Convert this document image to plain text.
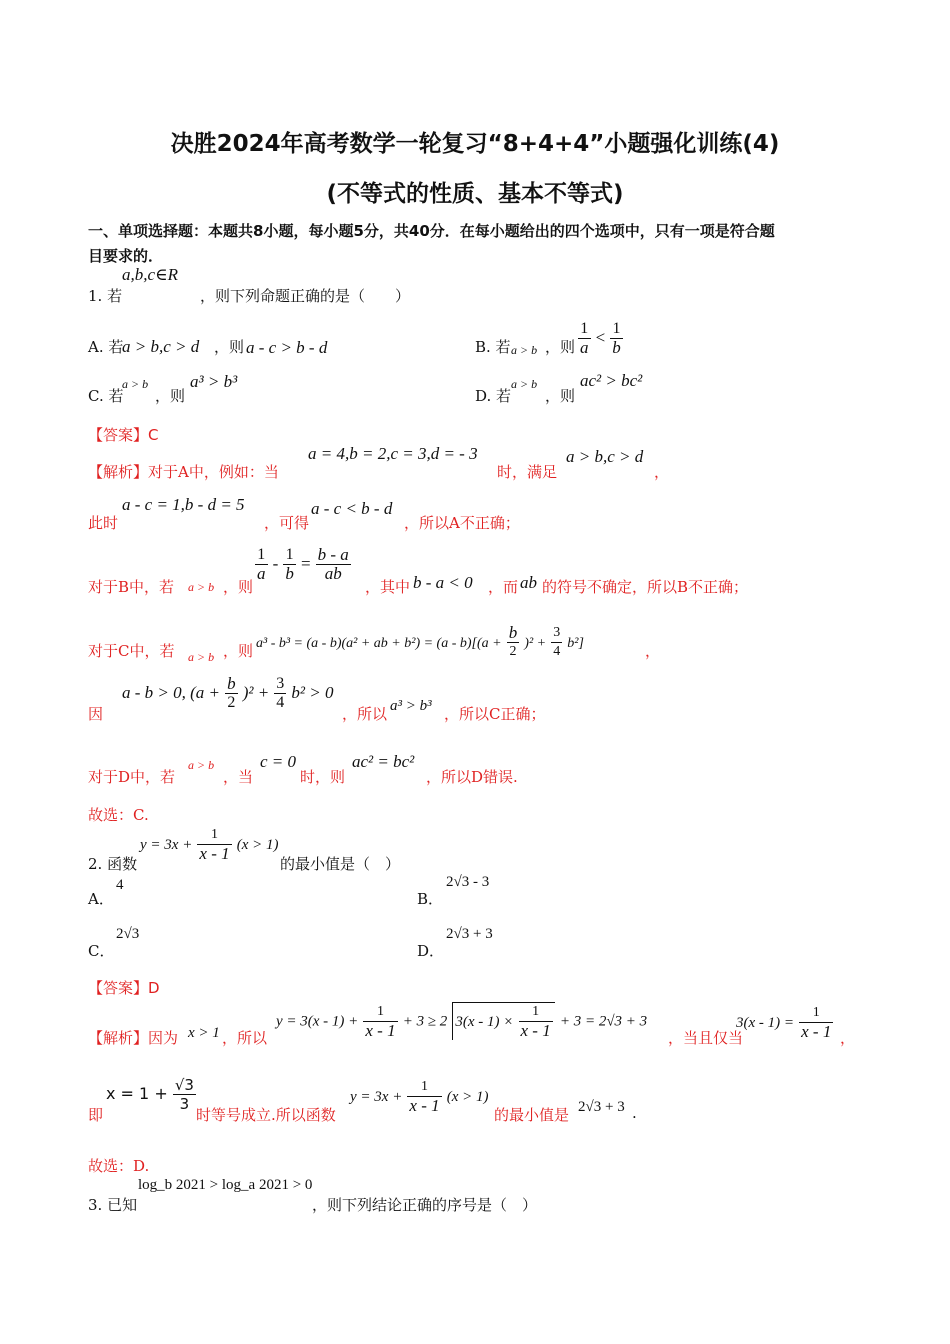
决胜2024年高考数学一轮复习“8+4+4”小题强化训练(4)
(不等式的性质、基本不等式)
一、单项选择题：本题共8小题，每小题5分，共40分．在每小题给出的四个选项中，只有一项是符合题
目要求的．
1. 若
a,b,c∈R
，则下列命题正确的是（　　）
A. 若
a > b,c > d ，则 a - c > b - d	B. 若 a > b ，则 $\frac{1}{a} < \frac{1}{b}$
C. 若
a > b
，则
a³ > b³
D. 若
a > b
，则
ac² > bc²
【答案】C
【解析】对于A中，例如：当
a = 4,b = 2,c = 3,d = - 3
时，满足
a > b,c > d
，
此时
a - c = 1,b - d = 5
，可得
a - c < b - d
，所以A不正确；
对于B中，若 a > b ，则
$\frac{1}{a} - \frac{1}{b} = \frac{b - a}{ab}$
，其中 b - a < 0 ，而 ab 的符号不确定，所以B不正确；
对于C中，若 a > b ，则 a³ - b³ = (a - b)(a² + ab + $b^2) = (a - b)[(a + \frac{b}{2} )^2 + \frac{3}{4} b^2]$	，
因
a - b > 0, $(a + \frac{b}{2} )^2 + \frac{3}{4} b^2 > 0$
，所以 a³ > b³ ，所以C正确；
对于D中，若
a > b
，当
c = 0
时，则
ac² = bc²
，所以D错误.
故选：C.
2. 函数
$y = 3x + \frac{1}{x - 1} (x > 1)$
的最小值是（　）
A．
4
B．
2√3 - 3
C．
2√3
D．
2√3 + 3
【答案】D
【解析】因为 x > 1 ，所以
$y = 3(x - 1) + \frac{1}{x - 1} + 3 \ge 2$ $3(x - 1) \times \frac{1}{x - 1} + 3 = 2√3 + 3$
，当且仅当
$3(x - 1) = \frac{1}{x - 1}$ ，
即
$x = 1 + \frac{√3}{3}$
时等号成立.所以函数
$y = 3x + \frac{1}{x - 1} (x > 1)$
的最小值是 2√3 + 3 .
故选：D.
3. 已知
log_b 2021 > log_a 2021 > 0
，则下列结论正确的序号是（　）
